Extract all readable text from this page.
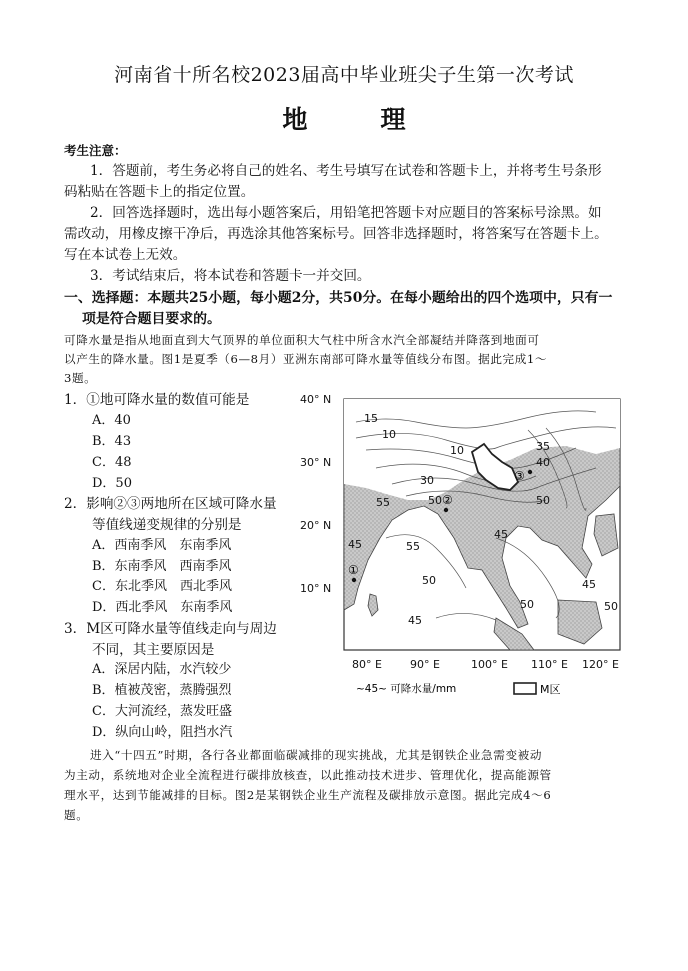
河南省十所名校2023届高中毕业班尖子生第一次考试
地　理
考生注意：
1．答题前，考生务必将自己的姓名、考生号填写在试卷和答题卡上，并将考生号条形
码粘贴在答题卡上的指定位置。
2．回答选择题时，选出每小题答案后，用铅笔把答题卡对应题目的答案标号涂黑。如
需改动，用橡皮擦干净后，再选涂其他答案标号。回答非选择题时，将答案写在答题卡上。
写在本试卷上无效。
3．考试结束后，将本试卷和答题卡一并交回。
一、选择题：本题共25小题，每小题2分，共50分。在每小题给出的四个选项中，只有一
项是符合题目要求的。
可降水量是指从地面直到大气顶界的单位面积大气柱中所含水汽全部凝结并降落到地面可
以产生的降水量。图1是夏季（6—8月）亚洲东南部可降水量等值线分布图。据此完成1～
3题。
1．①地可降水量的数值可能是
A．40
B．43
C．48
D．50
2．影响②③两地所在区域可降水量
等值线递变规律的分别是
A．西南季风　东南季风
B．东南季风　西南季风
C．东北季风　西北季风
D．西北季风　东南季风
3．M区可降水量等值线走向与周边
不同，其主要原因是
A．深居内陆，水汽较少
B．植被茂密，蒸腾强烈
C．大河流经，蒸发旺盛
D．纵向山岭，阻挡水汽
15
10
35
40
10
30
50
55	50
45	55
45
50	45
50	50
45
①
②
③
40° N
30° N
20° N
10° N
80° E	90° E	100° E 110° E 120° E
~45~ 可降水量/mm	M区
进入“十四五”时期，各行各业都面临碳减排的现实挑战，尤其是钢铁企业急需变被动
为主动，系统地对企业全流程进行碳排放核查，以此推动技术进步、管理优化，提高能源管
理水平，达到节能减排的目标。图2是某钢铁企业生产流程及碳排放示意图。据此完成4～6
题。
